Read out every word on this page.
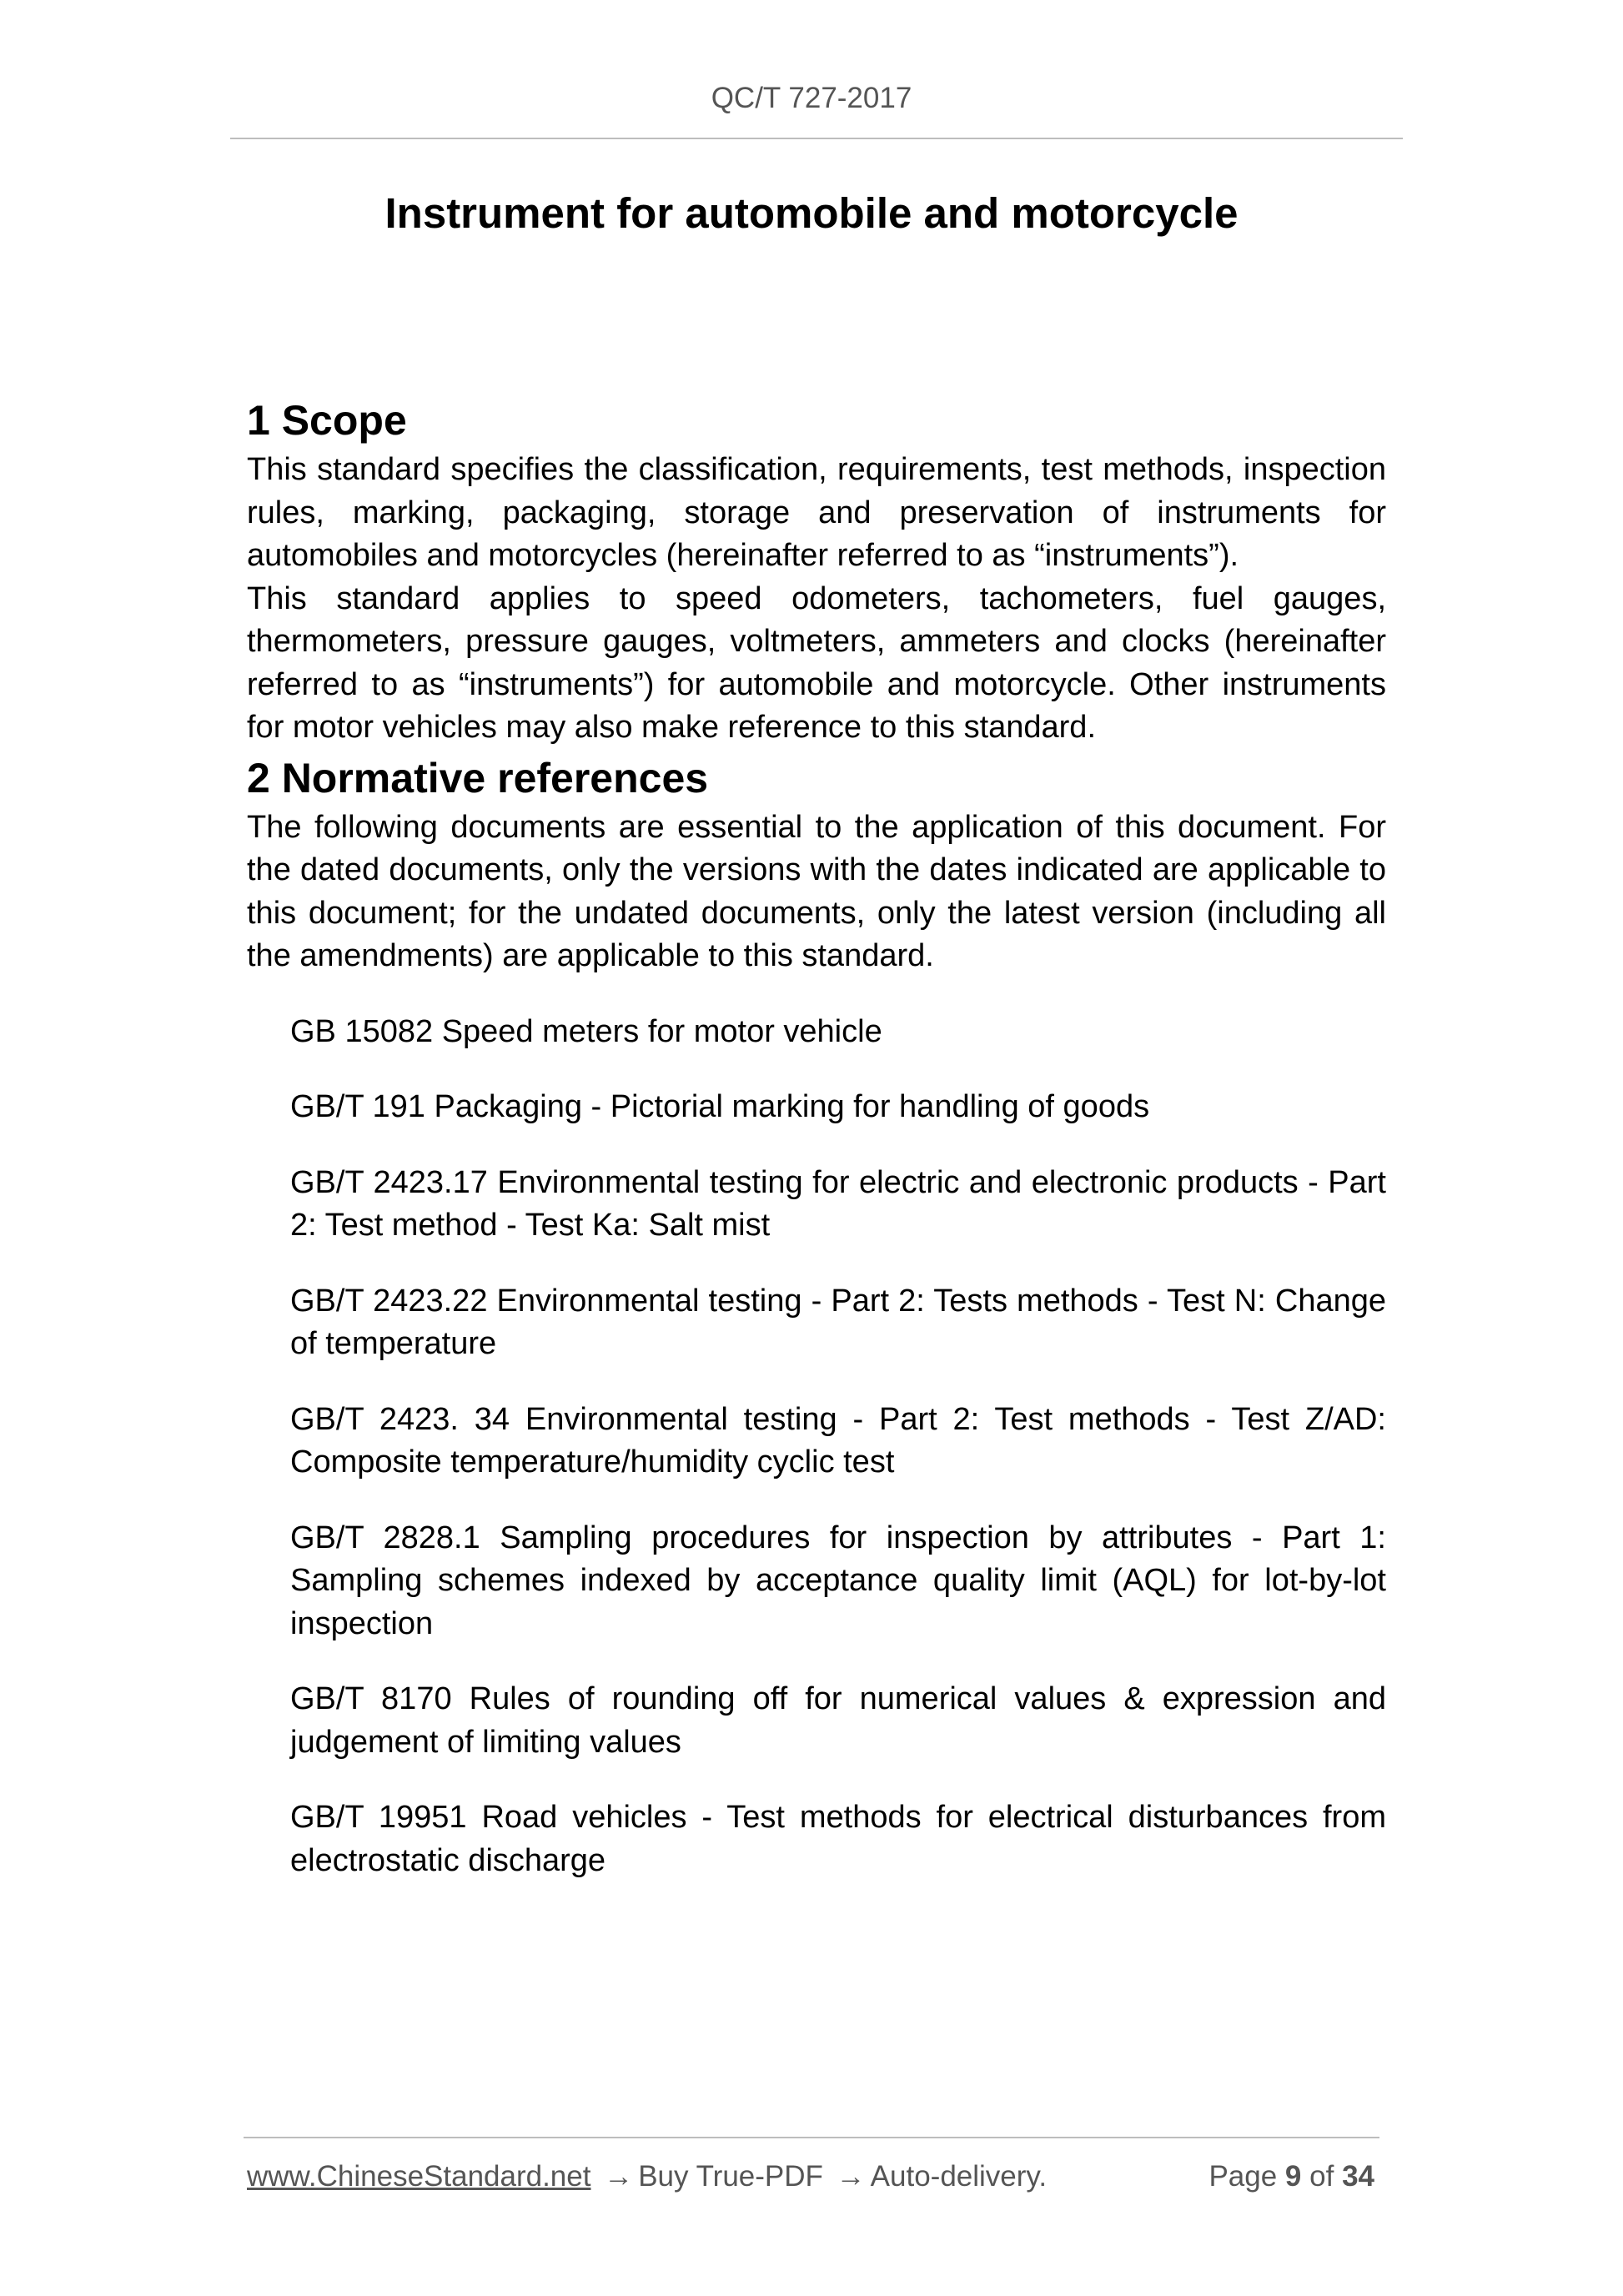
QC/T 727-2017
Instrument for automobile and motorcycle
1 Scope

This standard specifies the classification, requirements, test methods, inspection rules, marking, packaging, storage and preservation of instruments for automobiles and motorcycles (hereinafter referred to as “instruments”).

This standard applies to speed odometers, tachometers, fuel gauges, thermometers, pressure gauges, voltmeters, ammeters and clocks (hereinafter referred to as “instruments”) for automobile and motorcycle. Other instruments for motor vehicles may also make reference to this standard.

2 Normative references

The following documents are essential to the application of this document. For the dated documents, only the versions with the dates indicated are applicable to this document; for the undated documents, only the latest version (including all the amendments) are applicable to this standard.

GB 15082 Speed meters for motor vehicle
GB/T 191 Packaging - Pictorial marking for handling of goods
GB/T 2423.17 Environmental testing for electric and electronic products - Part 2: Test method - Test Ka: Salt mist
GB/T 2423.22 Environmental testing - Part 2: Tests methods - Test N: Change of temperature
GB/T 2423. 34 Environmental testing - Part 2: Test methods - Test Z/AD: Composite temperature/humidity cyclic test
GB/T 2828.1 Sampling procedures for inspection by attributes - Part 1: Sampling schemes indexed by acceptance quality limit (AQL) for lot-by-lot inspection
GB/T 8170 Rules of rounding off for numerical values & expression and judgement of limiting values
GB/T 19951 Road vehicles - Test methods for electrical disturbances from electrostatic discharge
www.ChineseStandard.net → Buy True-PDF → Auto-delivery.	Page 9 of 34
